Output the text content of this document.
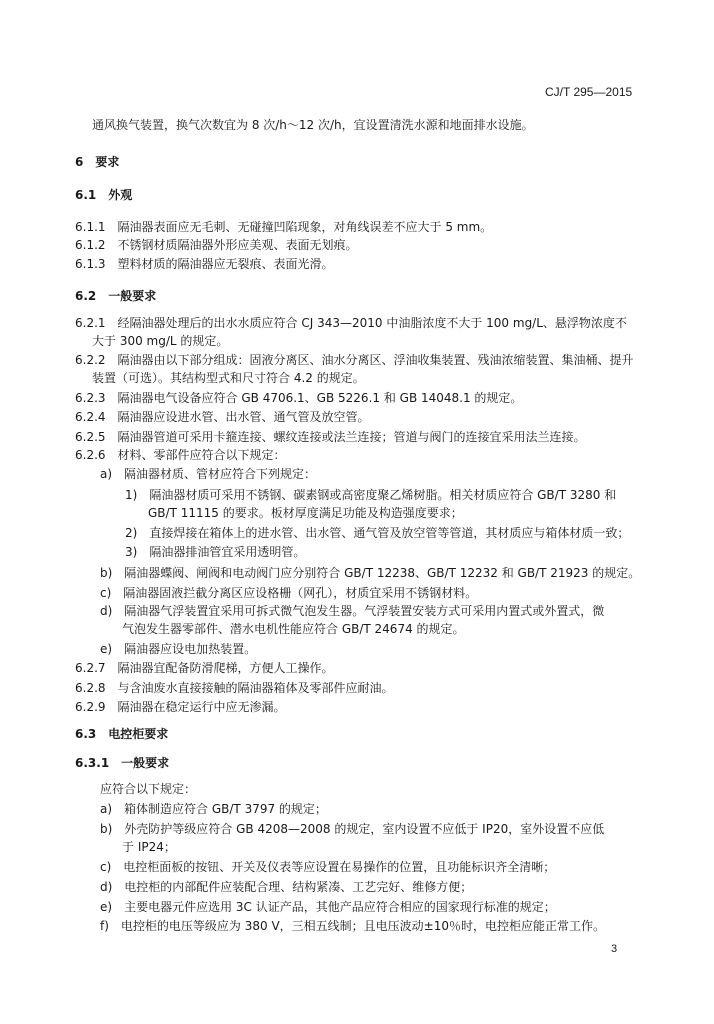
CJ/T 295—2015
通风换气装置，换气次数宜为 8 次/h～12 次/h，宜设置清洗水源和地面排水设施。
6　要求
6.1　外观
6.1.1　隔油器表面应无毛刺、无碰撞凹陷现象，对角线误差不应大于 5 mm。
6.1.2　不锈钢材质隔油器外形应美观、表面无划痕。
6.1.3　塑料材质的隔油器应无裂痕、表面光滑。
6.2　一般要求
6.2.1　经隔油器处理后的出水水质应符合 CJ 343—2010 中油脂浓度不大于 100 mg/L、悬浮物浓度不
大于 300 mg/L 的规定。
6.2.2　隔油器由以下部分组成：固液分离区、油水分离区、浮油收集装置、残油浓缩装置、集油桶、提升
装置（可选）。其结构型式和尺寸符合 4.2 的规定。
6.2.3　隔油器电气设备应符合 GB 4706.1、GB 5226.1 和 GB 14048.1 的规定。
6.2.4　隔油器应设进水管、出水管、通气管及放空管。
6.2.5　隔油器管道可采用卡箍连接、螺纹连接或法兰连接；管道与阀门的连接宜采用法兰连接。
6.2.6　材料、零部件应符合以下规定：
a)　隔油器材质、管材应符合下列规定：
1)　隔油器材质可采用不锈钢、碳素钢或高密度聚乙烯树脂。相关材质应符合 GB/T 3280 和
GB/T 11115 的要求。板材厚度满足功能及构造强度要求；
2)　直接焊接在箱体上的进水管、出水管、通气管及放空管等管道，其材质应与箱体材质一致；
3)　隔油器排油管宜采用透明管。
b)　隔油器蝶阀、闸阀和电动阀门应分别符合 GB/T 12238、GB/T 12232 和 GB/T 21923 的规定。
c)　隔油器固液拦截分离区应设格栅（网孔），材质宜采用不锈钢材料。
d)　隔油器气浮装置宜采用可拆式微气泡发生器。气浮装置安装方式可采用内置式或外置式，微
气泡发生器零部件、潜水电机性能应符合 GB/T 24674 的规定。
e)　隔油器应设电加热装置。
6.2.7　隔油器宜配备防滑爬梯，方便人工操作。
6.2.8　与含油废水直接接触的隔油器箱体及零部件应耐油。
6.2.9　隔油器在稳定运行中应无渗漏。
6.3　电控柜要求
6.3.1　一般要求
应符合以下规定：
a)　箱体制造应符合 GB/T 3797 的规定；
b)　外壳防护等级应符合 GB 4208—2008 的规定，室内设置不应低于 IP20，室外设置不应低
于 IP24；
c)　电控柜面板的按钮、开关及仪表等应设置在易操作的位置，且功能标识齐全清晰；
d)　电控柜的内部配件应装配合理、结构紧凑、工艺完好、维修方便；
e)　主要电器元件应选用 3C 认证产品，其他产品应符合相应的国家现行标准的规定；
f)　电控柜的电压等级应为 380 V，三相五线制；且电压波动±10％时，电控柜应能正常工作。
3
